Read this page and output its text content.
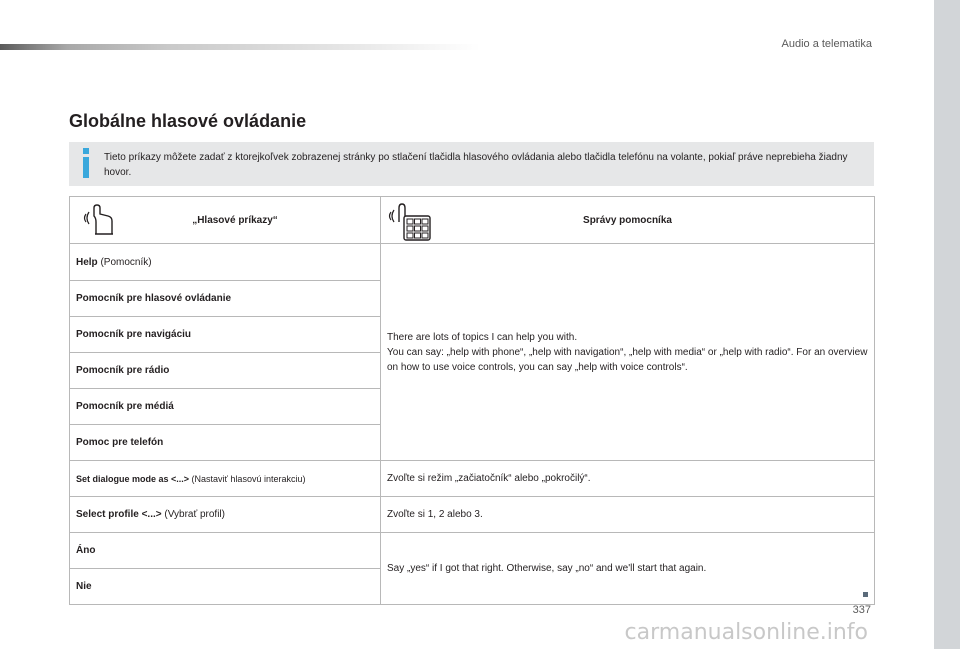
Audio a telematika
Globálne hlasové ovládanie
Tieto príkazy môžete zadať z ktorejkoľvek zobrazenej stránky po stlačení tlačidla hlasového ovládania alebo tlačidla telefónu na volante, pokiaľ práve neprebieha žiadny hovor.
„Hlasové príkazy“	Správy pomocníka
Help (Pomocník)	There are lots of topics I can help you with.
You can say: „help with phone“, „help with navigation“, „help with media“ or „help with radio“. For an overview on how to use voice controls, you can say „help with voice controls“.

Pomocník pre hlasové ovládanie	
Pomocník pre navigáciu	
Pomocník pre rádio	
Pomocník pre médiá	
Pomoc pre telefón	
Set dialogue mode as <...> (Nastaviť hlasovú interakciu)	Zvoľte si režim „začiatočník“ alebo „pokročilý“.
Select profile <...> (Vybrať profil)	Zvoľte si 1, 2 alebo 3.
Áno	Say „yes“ if I got that right. Otherwise, say „no“ and we'll start that again.
Nie	
337
carmanualsonline.info
